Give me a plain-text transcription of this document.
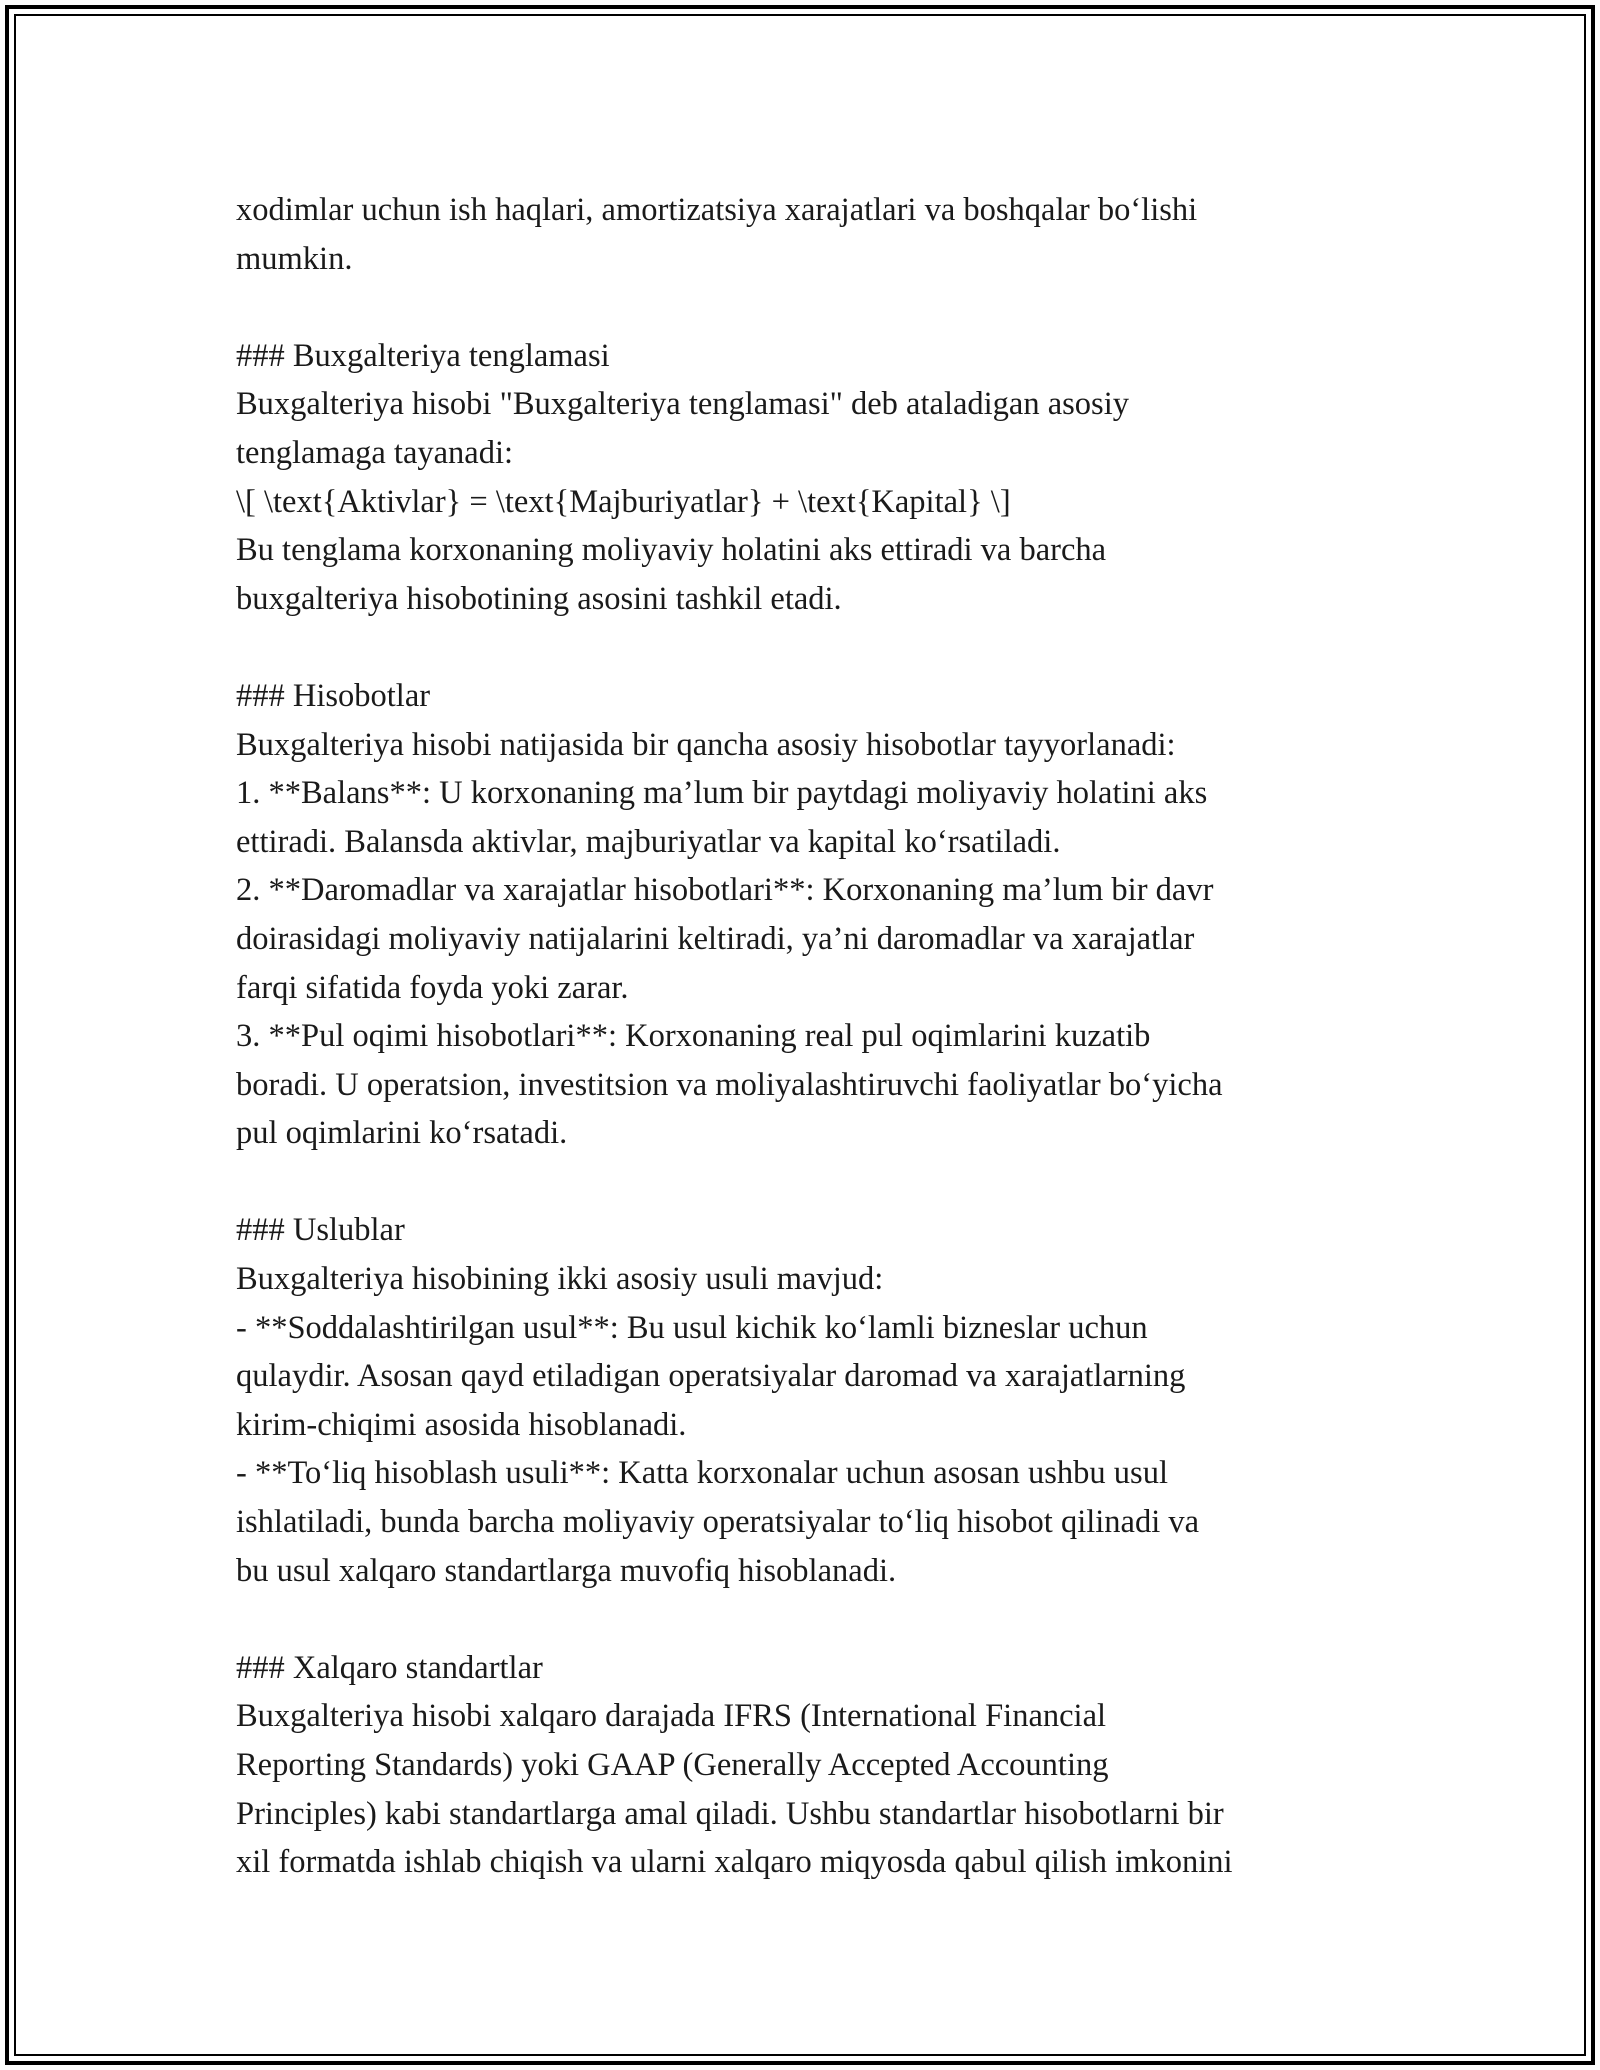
xodimlar uchun ish haqlari, amortizatsiya xarajatlari va boshqalar bo‘lishi
mumkin.
### Buxgalteriya tenglamasi
Buxgalteriya hisobi "Buxgalteriya tenglamasi" deb ataladigan asosiy
tenglamaga tayanadi:
\[ \text{Aktivlar} = \text{Majburiyatlar} + \text{Kapital} \]
Bu tenglama korxonaning moliyaviy holatini aks ettiradi va barcha
buxgalteriya hisobotining asosini tashkil etadi.
### Hisobotlar
Buxgalteriya hisobi natijasida bir qancha asosiy hisobotlar tayyorlanadi:
1. **Balans**: U korxonaning ma’lum bir paytdagi moliyaviy holatini aks
ettiradi. Balansda aktivlar, majburiyatlar va kapital ko‘rsatiladi.
2. **Daromadlar va xarajatlar hisobotlari**: Korxonaning ma’lum bir davr
doirasidagi moliyaviy natijalarini keltiradi, ya’ni daromadlar va xarajatlar
farqi sifatida foyda yoki zarar.
3. **Pul oqimi hisobotlari**: Korxonaning real pul oqimlarini kuzatib
boradi. U operatsion, investitsion va moliyalashtiruvchi faoliyatlar bo‘yicha
pul oqimlarini ko‘rsatadi.
### Uslublar
Buxgalteriya hisobining ikki asosiy usuli mavjud:
- **Soddalashtirilgan usul**: Bu usul kichik ko‘lamli bizneslar uchun
qulaydir. Asosan qayd etiladigan operatsiyalar daromad va xarajatlarning
kirim-chiqimi asosida hisoblanadi.
- **To‘liq hisoblash usuli**: Katta korxonalar uchun asosan ushbu usul
ishlatiladi, bunda barcha moliyaviy operatsiyalar to‘liq hisobot qilinadi va
bu usul xalqaro standartlarga muvofiq hisoblanadi.
### Xalqaro standartlar
Buxgalteriya hisobi xalqaro darajada IFRS (International Financial
Reporting Standards) yoki GAAP (Generally Accepted Accounting
Principles) kabi standartlarga amal qiladi. Ushbu standartlar hisobotlarni bir
xil formatda ishlab chiqish va ularni xalqaro miqyosda qabul qilish imkonini
